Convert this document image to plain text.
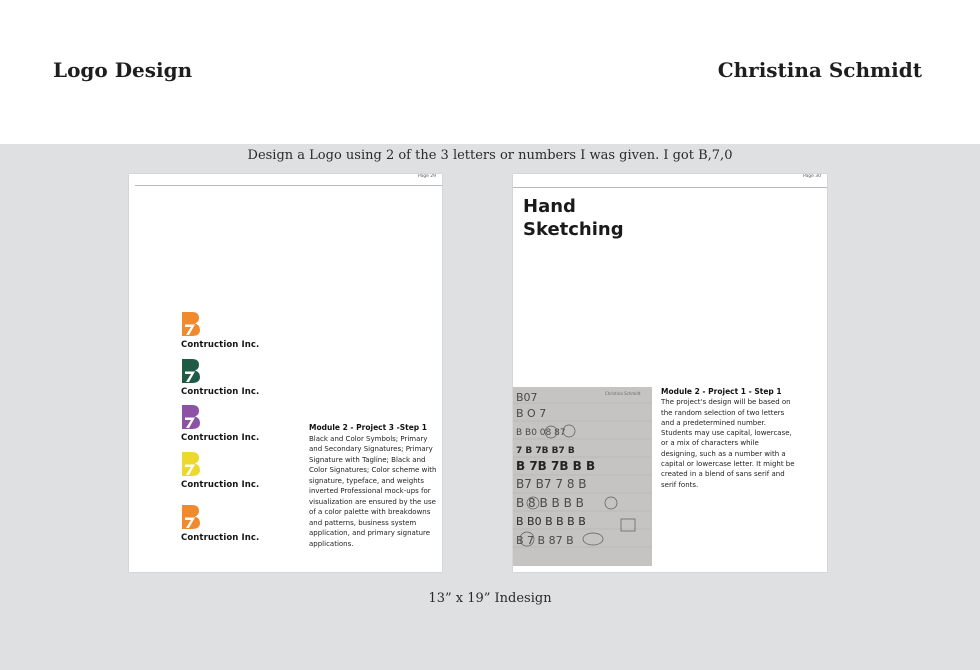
Logo Design	Christina Schmidt
Design a Logo using 2 of the 3 letters or numbers I was given. I got B,7,0
Page 29
Contruction Inc.
Contruction Inc.
Contruction Inc.
Contruction Inc.
Contruction Inc.
Module 2 - Project 3 -Step 1
Black and Color Symbols; Primary and Secondary Signatures; Primary Signature with Tagline; Black and Color Signatures; Color scheme with signature, typeface, and weights inverted Professional mock-ups for visualization are ensured by the use of a color palette with breakdowns and patterns, business system application, and primary signature applications.
Page 30
Hand
Sketching
Christina Schmidt
B07
B O 7
B B0 08 87
7 B 7B B7 B
B 7B 7B B B
B7 B7 7 8 B
B 8 B B B B
B B0 B B B B
B 7 B 87 B
Module 2 - Project 1 - Step 1
The project's design will be based on the random selection of two letters and a predetermined number. Students may use capital, lowercase, or a mix of characters while designing, such as a number with a capital or lowercase letter. It might be created in a blend of sans serif and serif fonts.
13” x 19” Indesign
